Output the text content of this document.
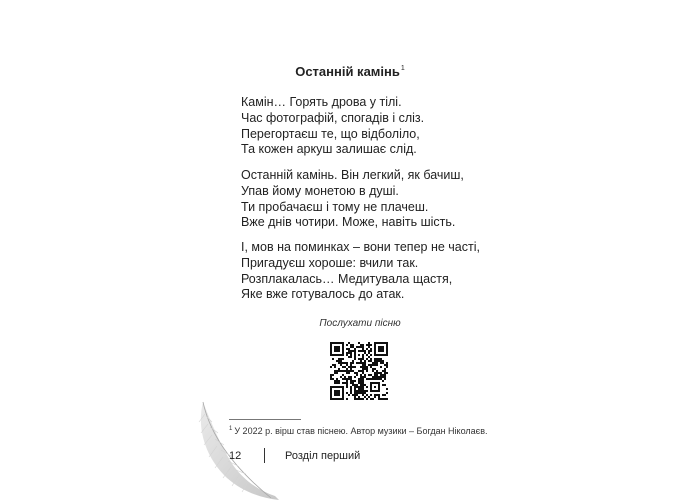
Останній камінь$^1$
Камін… Горять дрова у тілі.
Час фотографій, спогадів і сліз.
Перегортаєш те, що відболіло,
Та кожен аркуш залишає слід.
Останній камінь. Він легкий, як бачиш,
Упав йому монетою в душі.
Ти пробачаєш і тому не плачеш.
Вже днів чотири. Може, навіть шість.
І, мов на поминках – вони тепер не часті,
Пригадуєш хороше: вчили так.
Розплакалась… Медитувала щастя,
Яке вже готувалось до атак.
Послухати пісню
$^1$ У 2022 р. вірш став піснею. Автор музики – Богдан Ніколаєв.
12	Розділ перший
